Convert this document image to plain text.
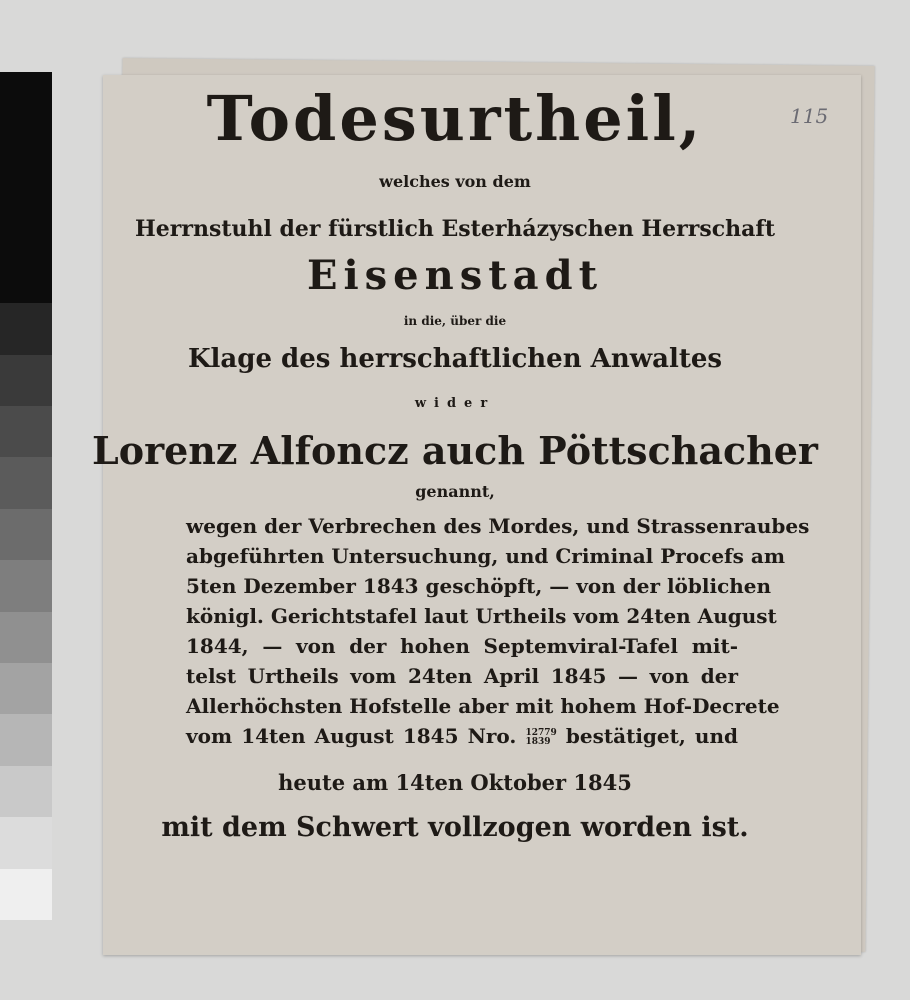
115
Todesurtheil,
welches von dem
Herrnstuhl der fürstlich Esterházyschen Herrschaft
Eisenstadt
in die, über die
Klage des herrschaftlichen Anwaltes
wider
Lorenz Alfoncz auch Pöttschacher
genannt,
wegen der Verbrechen des Mordes, und Strassenraubes
abgeführten Untersuchung, und Criminal Procefs am
5ten Dezember 1843 geschöpft, — von der löblichen
königl. Gerichtstafel laut Urtheils vom 24ten August
1844, — von der hohen Septemviral-Tafel mit-
telst Urtheils vom 24ten April 1845 — von der
Allerhöchsten Hofstelle aber mit hohem Hof-Decrete
vom 14ten August 1845 Nro. 12779
1839 bestätiget, und
heute am 14ten Oktober 1845
mit dem Schwert vollzogen worden ist.
